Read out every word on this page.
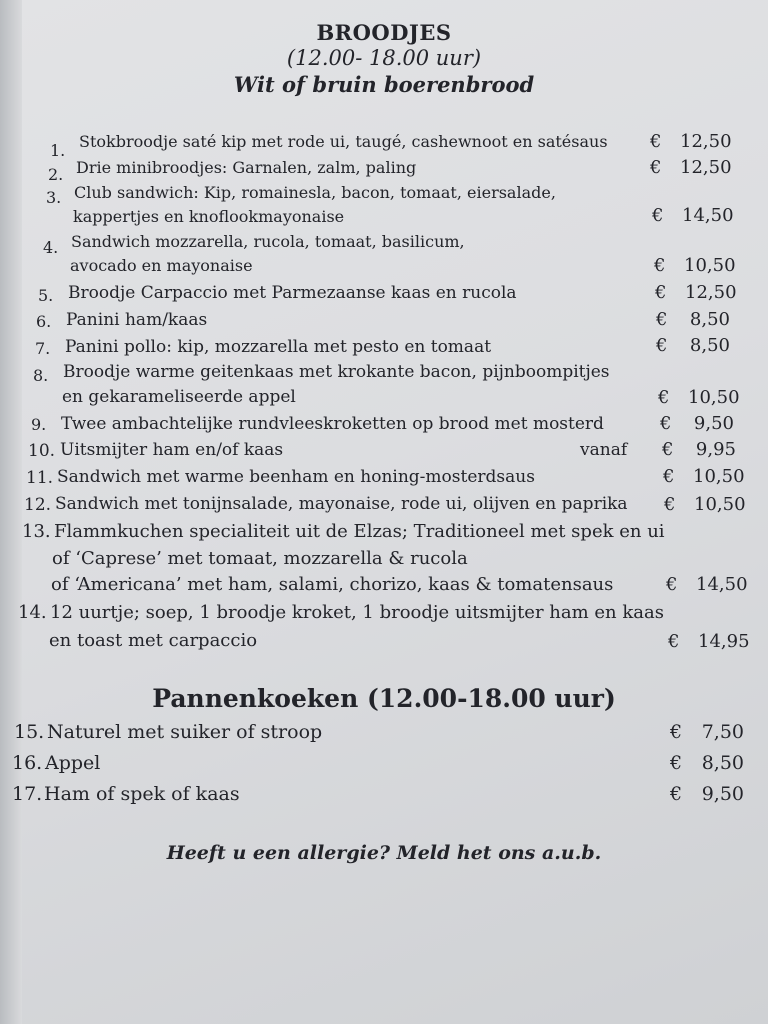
BROODJES
(12.00- 18.00 uur)
Wit of bruin boerenbrood
1. Stokbroodje saté kip met rode ui, taugé, cashewnoot en satésaus € 12,50
2. Drie minibroodjes: Garnalen, zalm, paling	€ 12,50
3. Club sandwich: Kip, romainesla, bacon, tomaat, eiersalade,
kappertjes en knoflookmayonaise	€ 14,50
4. Sandwich mozzarella, rucola, tomaat, basilicum,
avocado en mayonaise	€ 10,50
5. Broodje Carpaccio met Parmezaanse kaas en rucola	€ 12,50
6. Panini ham/kaas	€ 8,50
7. Panini pollo: kip, mozzarella met pesto en tomaat	€ 8,50
8. Broodje warme geitenkaas met krokante bacon, pijnboompitjes
en gekarameliseerde appel	€ 10,50
9. Twee ambachtelijke rundvleeskroketten op brood met mosterd	€ 9,50
10. Uitsmijter ham en/of kaas	vanaf € 9,95
11. Sandwich met warme beenham en honing-mosterdsaus	€ 10,50
12. Sandwich met tonijnsalade, mayonaise, rode ui, olijven en paprika € 10,50
13. Flammkuchen specialiteit uit de Elzas; Traditioneel met spek en ui
of ‘Caprese’ met tomaat, mozzarella & rucola
of ‘Americana’ met ham, salami, chorizo, kaas & tomatensaus	€ 14,50
14. 12 uurtje; soep, 1 broodje kroket, 1 broodje uitsmijter ham en kaas
en toast met carpaccio	€ 14,95
Pannenkoeken (12.00-18.00 uur)
15. Naturel met suiker of stroop	€ 7,50
16. Appel	€ 8,50
17. Ham of spek of kaas	€ 9,50
Heeft u een allergie? Meld het ons a.u.b.
